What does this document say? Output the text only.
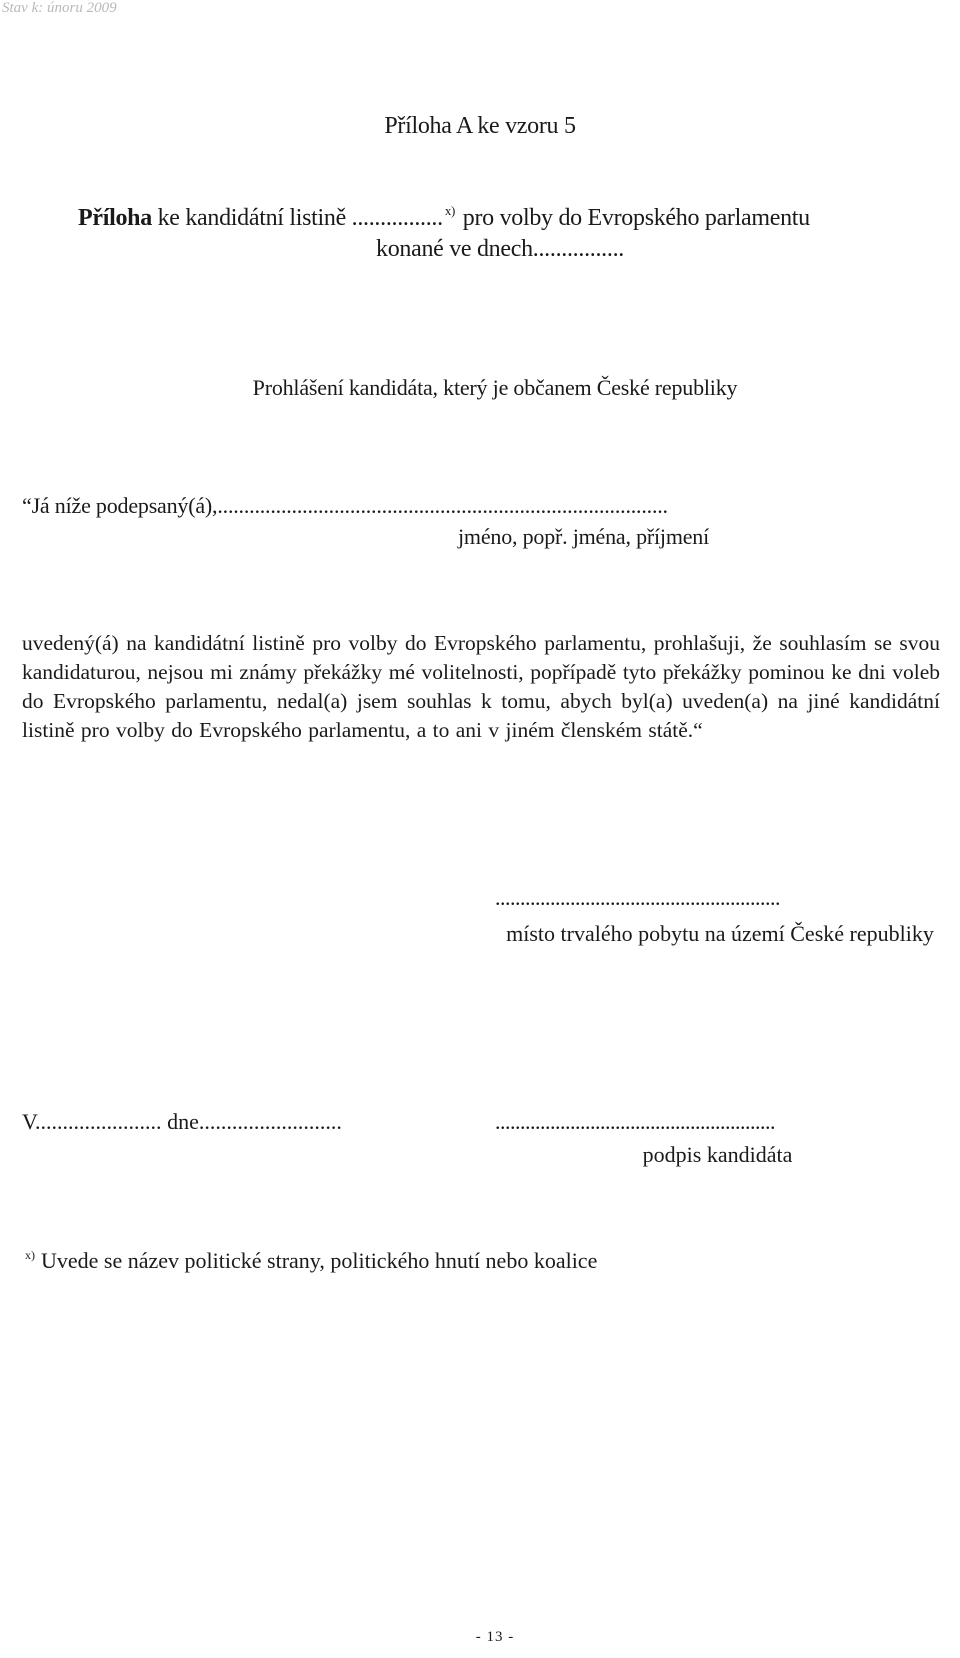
Stav k: únoru 2009
Příloha A ke vzoru 5
Příloha ke kandidátní listině ................ $^{x)}$ pro volby do Evropského parlamentu
konané ve dnech................
Prohlášení kandidáta, který je občanem České republiky
“Já níže podepsaný(á),.....................................................................................
jméno, popř. jména, příjmení
uvedený(á) na kandidátní listině pro volby do Evropského parlamentu, prohlašuji, že souhlasím se svou kandidaturou, nejsou mi známy překážky mé volitelnosti, popřípadě tyto překážky pominou ke dni voleb do Evropského parlamentu, nedal(a) jsem souhlas k tomu, abych byl(a) uveden(a) na jiné kandidátní listině pro volby do Evropského parlamentu, a to ani v jiném členském státě.“
.........................................................
místo trvalého pobytu na území České republiky
V....................... dne..........................	........................................................
podpis kandidáta
$^{x)}$ Uvede se název politické strany, politického hnutí nebo koalice
- 13 -
